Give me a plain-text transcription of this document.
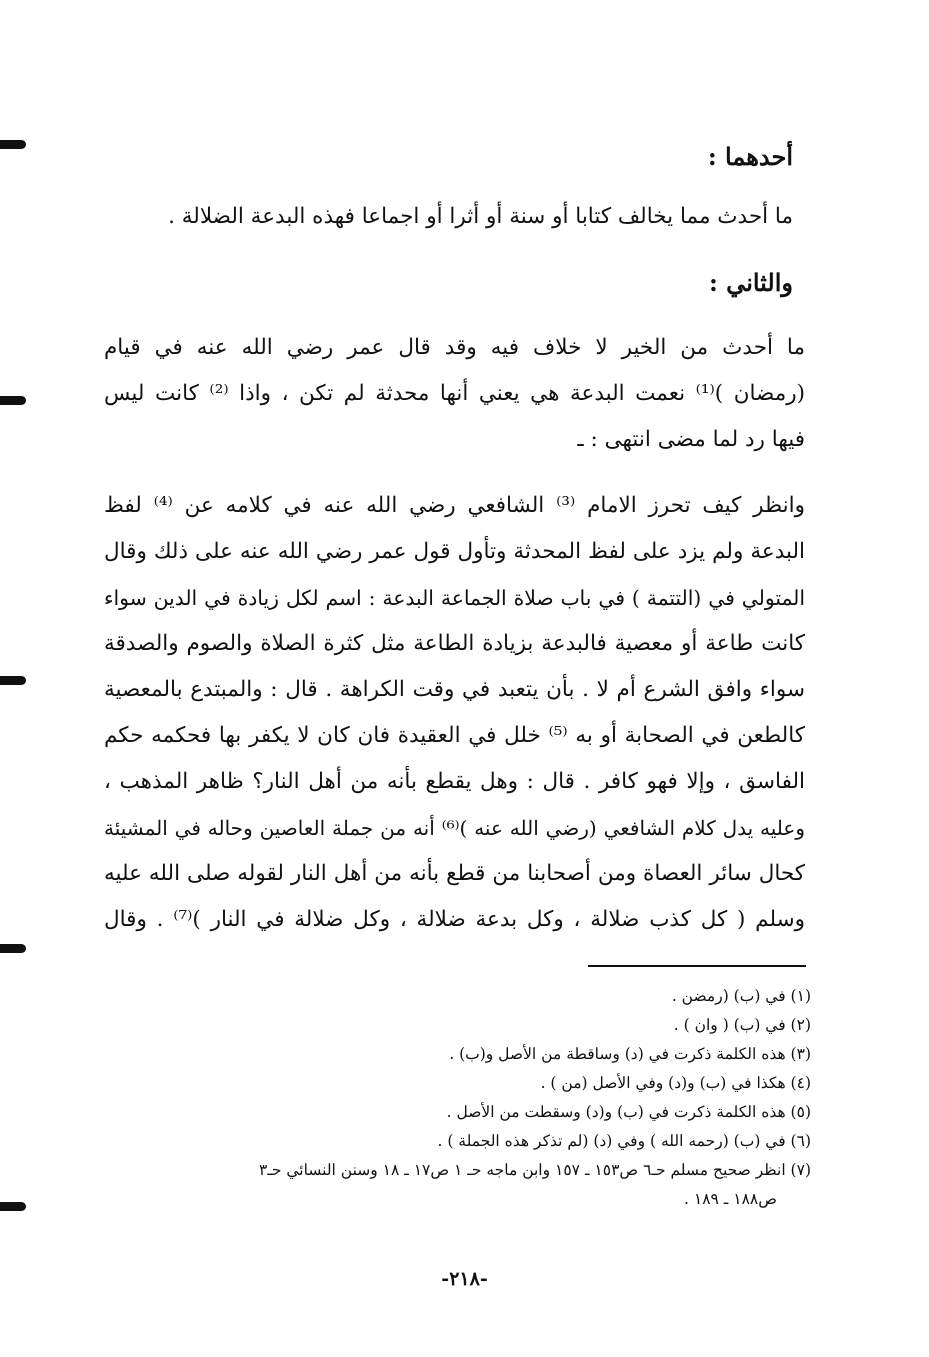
أحدهما :
ما أحدث مما يخالف كتابا أو سنة أو أثرا أو اجماعا فهذه البدعة الضلالة .
والثاني :
ما أحدث من الخير لا خلاف فيه وقد قال عمر رضي الله عنه في قيام
(رمضان )⁽¹⁾ نعمت البدعة هي يعني أنها محدثة لم تكن ، واذا ⁽²⁾ كانت ليس
فيها رد لما مضى انتهى : ـ
وانظر كيف تحرز الامام ⁽³⁾ الشافعي رضي الله عنه في كلامه عن ⁽⁴⁾ لفظ
البدعة ولم يزد على لفظ المحدثة وتأول قول عمر رضي الله عنه على ذلك وقال
المتولي في (التتمة ) في باب صلاة الجماعة البدعة : اسم لكل زيادة في الدين سواء
كانت طاعة أو معصية فالبدعة بزيادة الطاعة مثل كثرة الصلاة والصوم والصدقة
سواء وافق الشرع أم لا . بأن يتعبد في وقت الكراهة . قال : والمبتدع بالمعصية
كالطعن في الصحابة أو به ⁽⁵⁾ خلل في العقيدة فان كان لا يكفر بها فحكمه حكم
الفاسق ، وإلا فهو كافر . قال : وهل يقطع بأنه من أهل النار؟ ظاهر المذهب ،
وعليه يدل كلام الشافعي (رضي الله عنه )⁽⁶⁾ أنه من جملة العاصين وحاله في المشيئة
كحال سائر العصاة ومن أصحابنا من قطع بأنه من أهل النار لقوله صلى الله عليه
وسلم ( كل كذب ضلالة ، وكل بدعة ضلالة ، وكل ضلالة في النار )⁽⁷⁾ . وقال
(١) في (ب) (رمضن .
(٢) في (ب) ( وان ) .
(٣) هذه الكلمة ذكرت في (د) وساقطة من الأصل و(ب) .
(٤) هكذا في (ب) و(د) وفي الأصل (من ) .
(٥) هذه الكلمة ذكرت في (ب) و(د) وسقطت من الأصل .
(٦) في (ب) (رحمه الله ) وفي (د) (لم تذكر هذه الجملة ) .
(٧) انظر صحيح مسلم حـ٦ ص١٥٣ ـ ١٥٧ وابن ماجه حـ ١ ص١٧ ـ ١٨ وسنن النسائي حـ٣
ص١٨٨ ـ ١٨٩ .
-٢١٨-
